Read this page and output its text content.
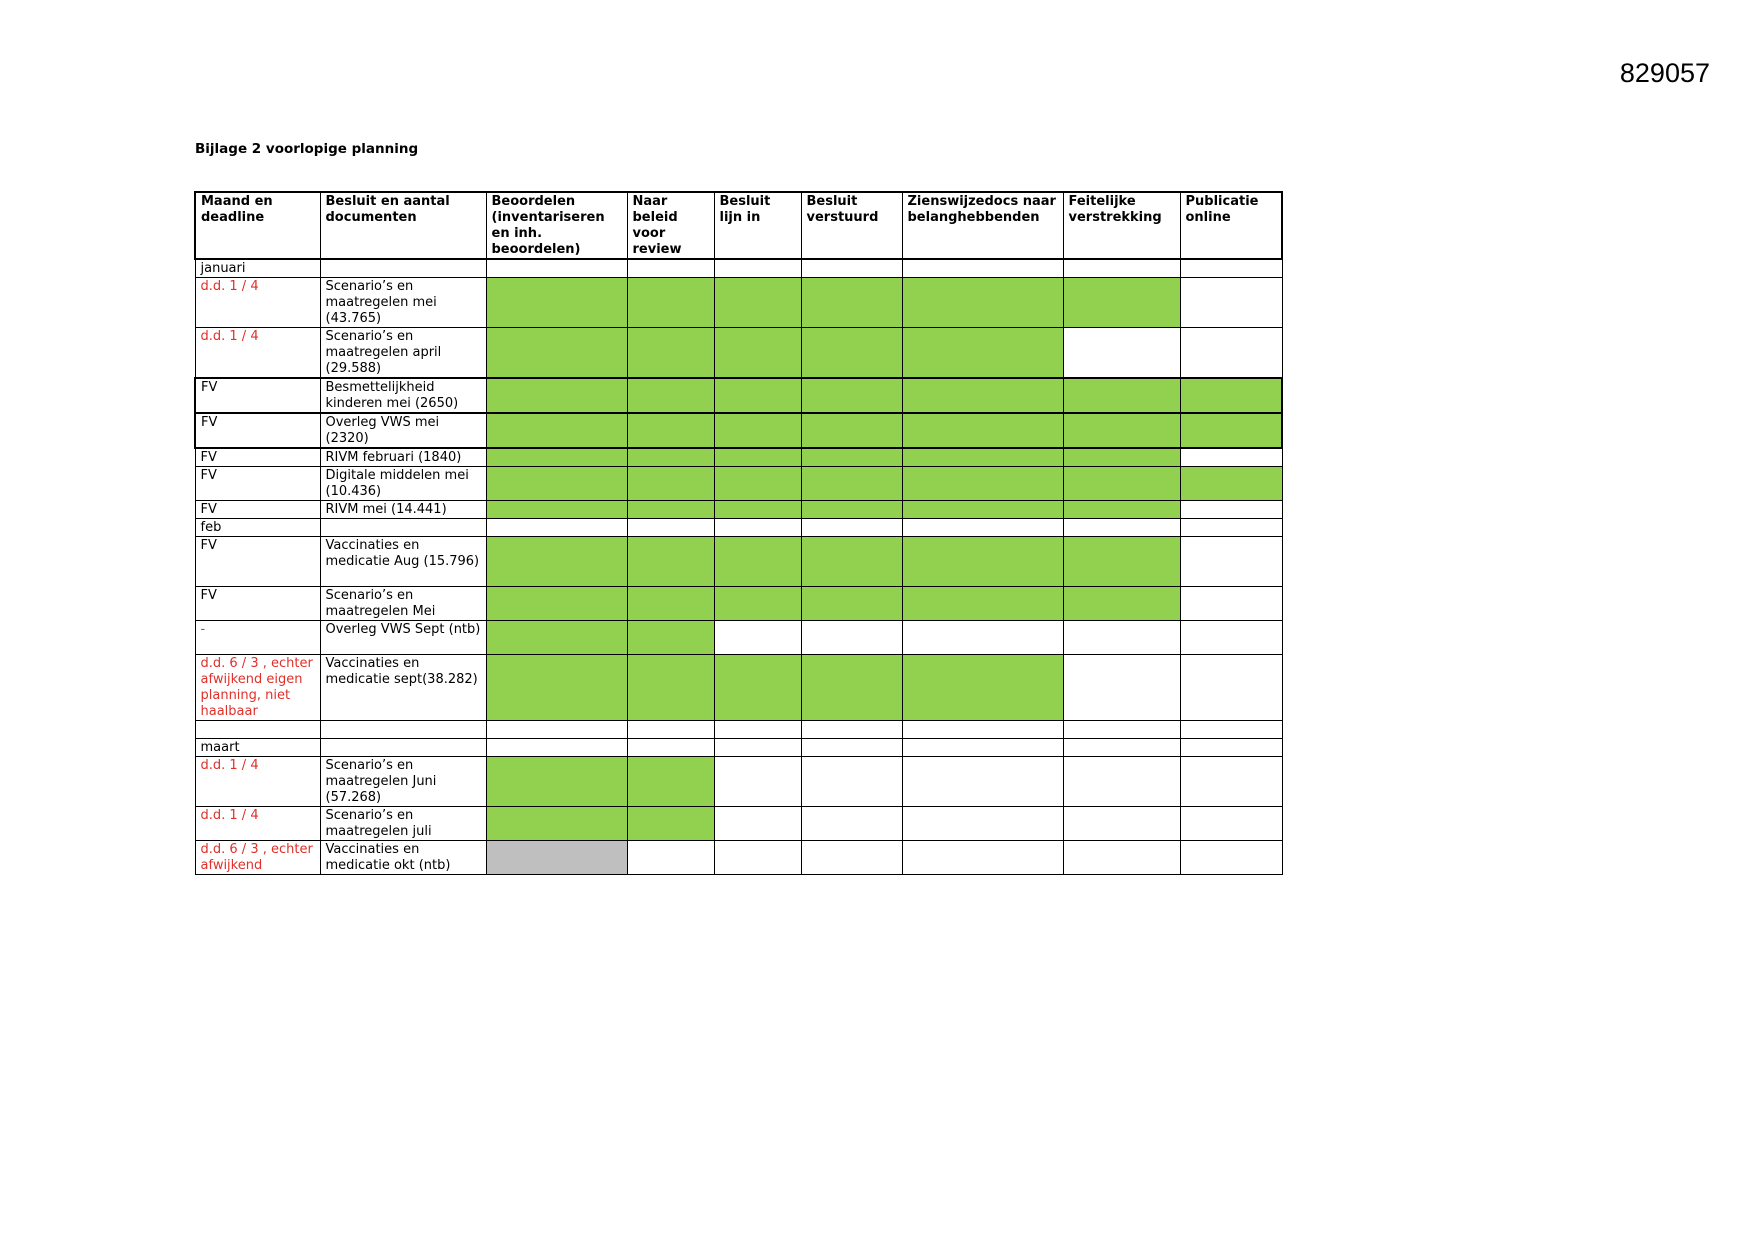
829057
Bijlage 2 voorlopige planning
Maand en deadline	Besluit en aantal documenten	Beoordelen (inventariseren en inh. beoordelen)	Naar beleid voor review	Besluit lijn in	Besluit verstuurd	Zienswijzedocs naar belanghebbenden	Feitelijke verstrekking	Publicatie online
januari								
d.d. 1 / 4	Scenario’s en maatregelen mei (43.765)							
d.d. 1 / 4	Scenario’s en maatregelen april (29.588)							
FV	Besmettelijkheid kinderen mei (2650)							
FV	Overleg VWS mei (2320)							
FV	RIVM februari (1840)							
FV	Digitale middelen mei (10.436)							
FV	RIVM mei (14.441)							
feb								
FV	Vaccinaties en medicatie Aug (15.796)							
FV	Scenario’s en maatregelen Mei							
-	Overleg VWS Sept (ntb)							
d.d. 6 / 3 , echter afwijkend eigen planning, niet haalbaar	Vaccinaties en medicatie sept(38.282)							

maart								
d.d. 1 / 4	Scenario’s en maatregelen Juni (57.268)							
d.d. 1 / 4	Scenario’s en maatregelen juli							
d.d. 6 / 3 , echter afwijkend	Vaccinaties en medicatie okt (ntb)							
